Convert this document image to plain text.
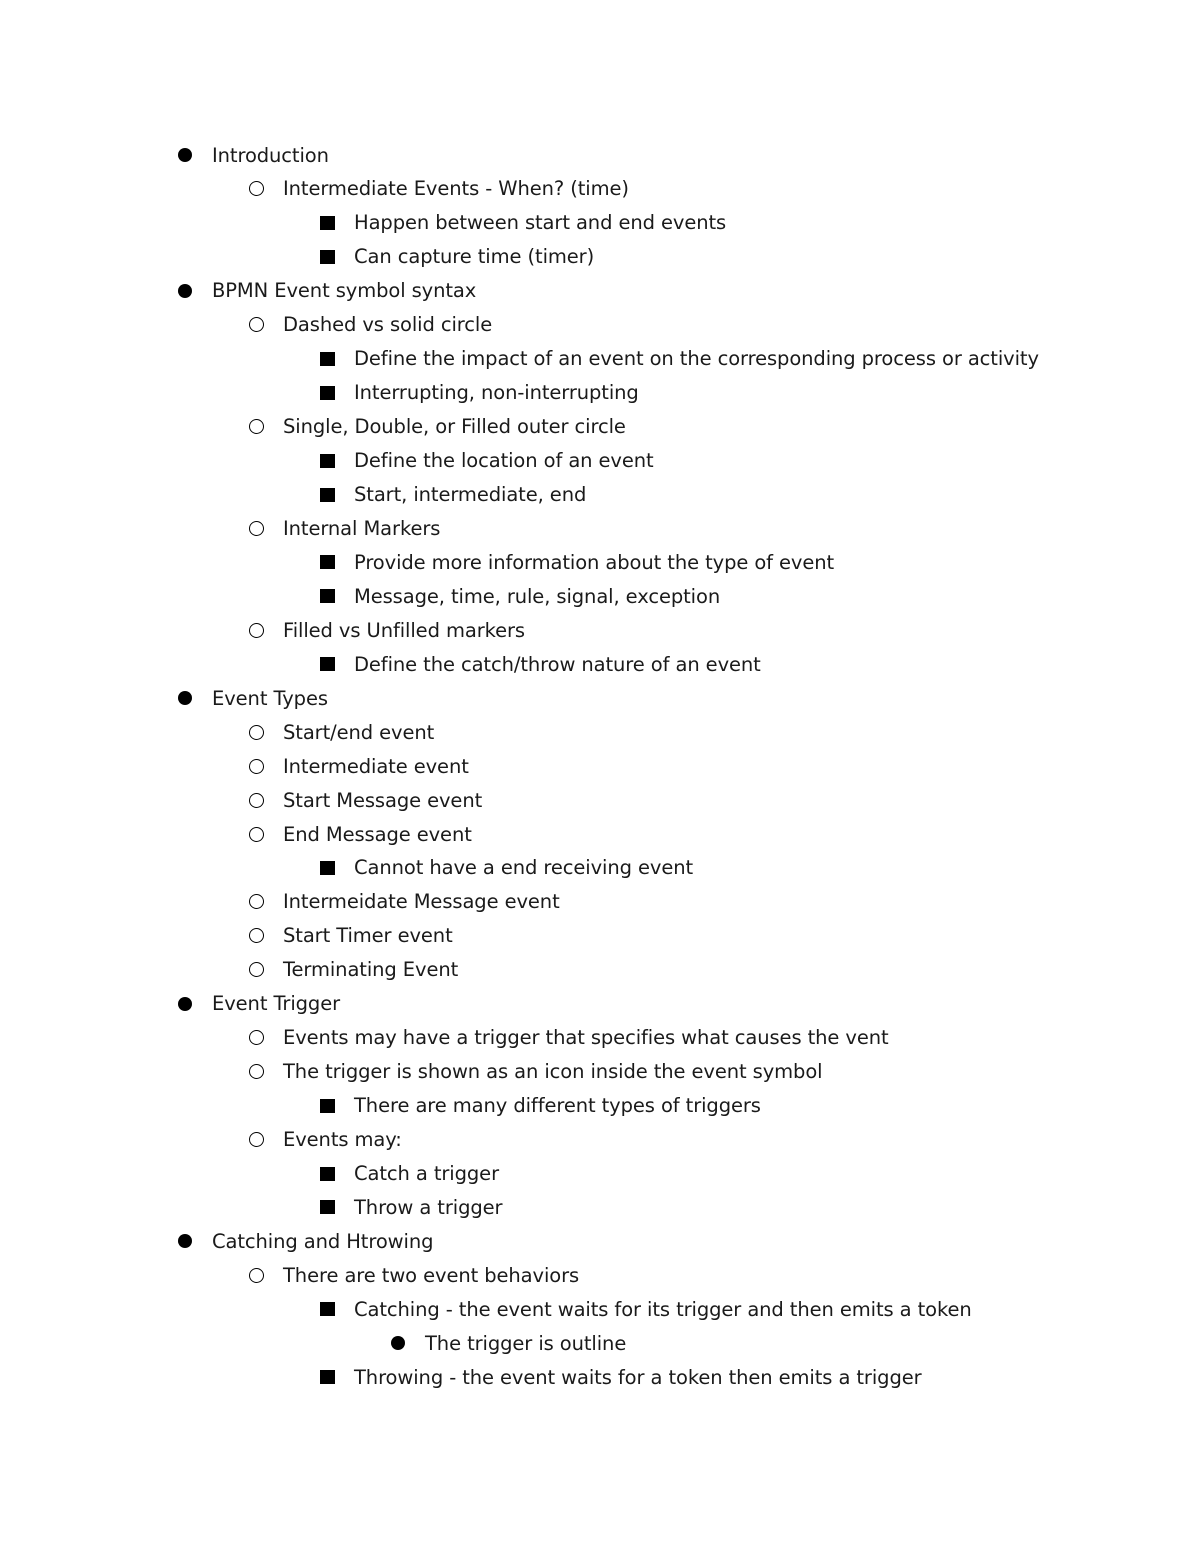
Introduction
Intermediate Events - When? (time)
Happen between start and end events
Can capture time (timer)
BPMN Event symbol syntax
Dashed vs solid circle
Define the impact of an event on the corresponding process or activity
Interrupting, non-interrupting
Single, Double, or Filled outer circle
Define the location of an event
Start, intermediate, end
Internal Markers
Provide more information about the type of event
Message, time, rule, signal, exception
Filled vs Unfilled markers
Define the catch/throw nature of an event
Event Types
Start/end event
Intermediate event
Start Message event
End Message event
Cannot have a end receiving event
Intermeidate Message event
Start Timer event
Terminating Event
Event Trigger
Events may have a trigger that specifies what causes the vent
The trigger is shown as an icon inside the event symbol
There are many different types of triggers
Events may:
Catch a trigger
Throw a trigger
Catching and Htrowing
There are two event behaviors
Catching - the event waits for its trigger and then emits a token
The trigger is outline
Throwing - the event waits for a token then emits a trigger
